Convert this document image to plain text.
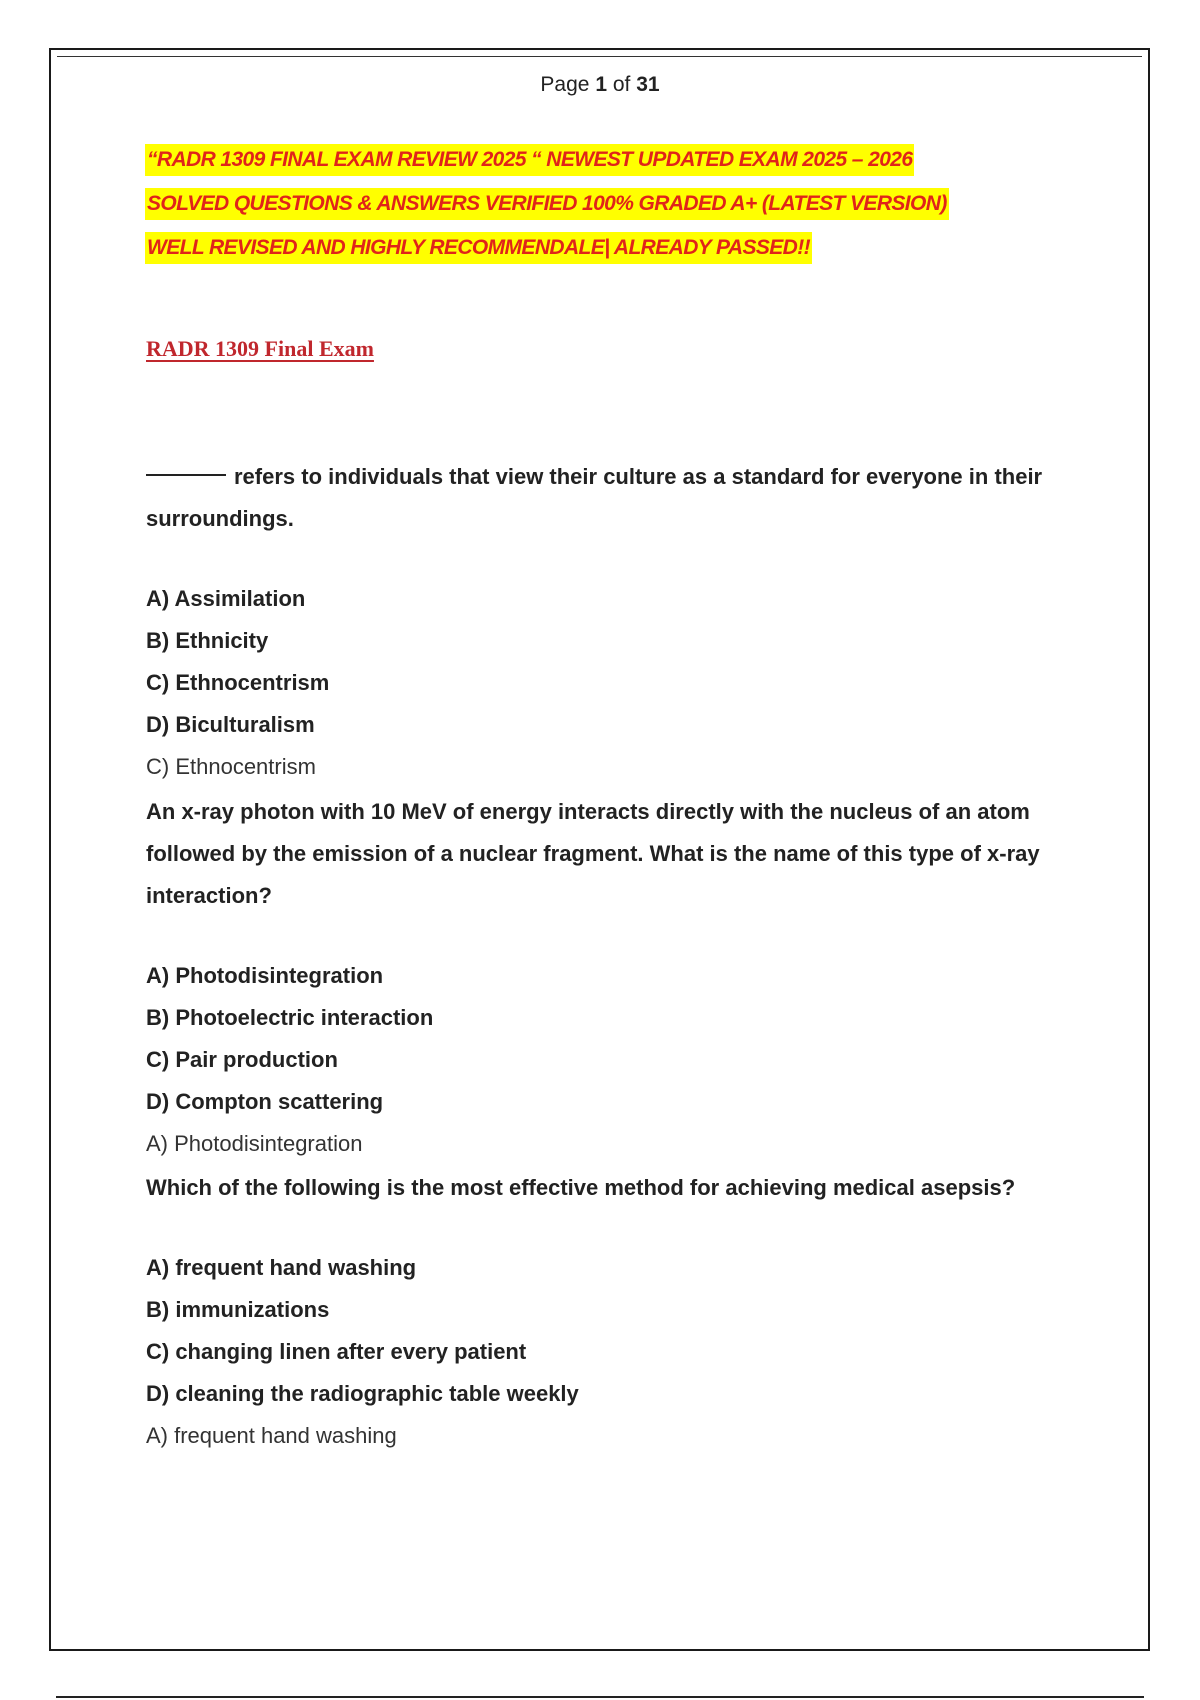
Page 1 of 31
“RADR 1309 FINAL EXAM REVIEW 2025 “ NEWEST UPDATED EXAM 2025 – 2026
SOLVED QUESTIONS & ANSWERS VERIFIED 100% GRADED A+ (LATEST VERSION)
WELL REVISED AND HIGHLY RECOMMENDALE| ALREADY PASSED!!
RADR 1309 Final Exam

refers to individuals that view their culture as a standard for everyone in their surroundings.

A) Assimilation
B) Ethnicity
C) Ethnocentrism
D) Biculturalism
C) Ethnocentrism

An x-ray photon with 10 MeV of energy interacts directly with the nucleus of an atom followed by the emission of a nuclear fragment. What is the name of this type of x-ray interaction?

A) Photodisintegration
B) Photoelectric interaction
C) Pair production
D) Compton scattering
A) Photodisintegration

Which of the following is the most effective method for achieving medical asepsis?

A) frequent hand washing
B) immunizations
C) changing linen after every patient
D) cleaning the radiographic table weekly
A) frequent hand washing
